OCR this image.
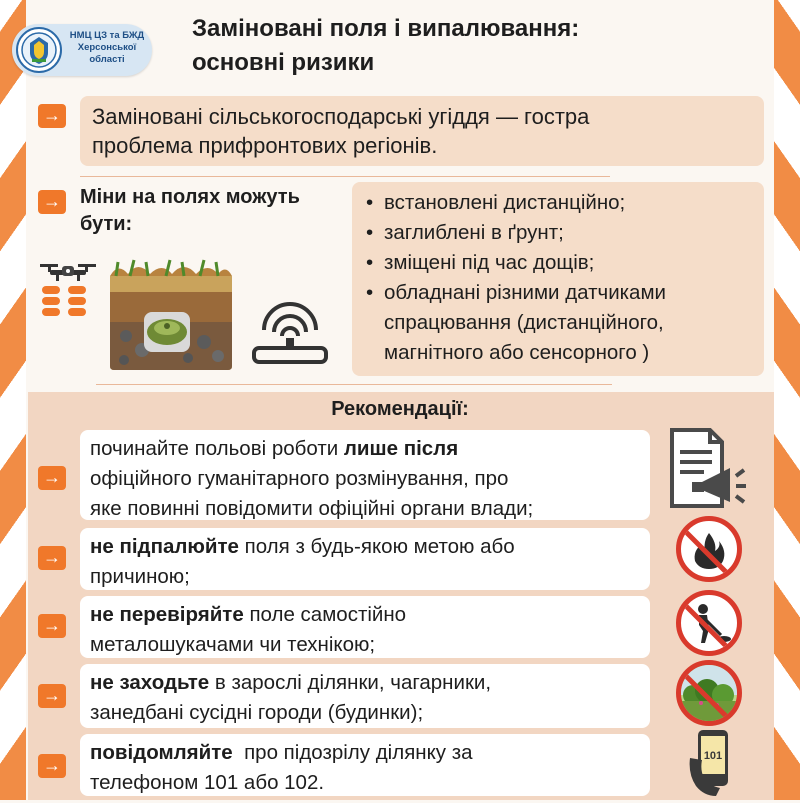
НМЦ ЦЗ та БЖД
Херсонської
області
Заміновані поля і випалювання:
основні ризики
→ Заміновані сільськогосподарські угіддя — гостра
проблема прифронтових регіонів.
→ Міни на полях можуть
бути:
• встановлені дистанційно;
• заглиблені в ґрунт;
• зміщені під час дощів;
• обладнані різними датчиками
спрацювання (дистанційного,
магнітного або сенсорного )
Рекомендації:
→
починайте польові роботи лише після
офіційного гуманітарного розмінування, про
яке повинні повідомити офіційні органи влади;
→ не підпалюйте поля з будь-якою метою або
причиною;
→ не перевіряйте поле самостійно
металошукачами чи технікою;
→
не заходьте в зарослі ділянки, чагарники,
занедбані сусідні городи (будинки);
→
повідомляйте  про підозрілу ділянку за
телефоном 101 або 102.
101
